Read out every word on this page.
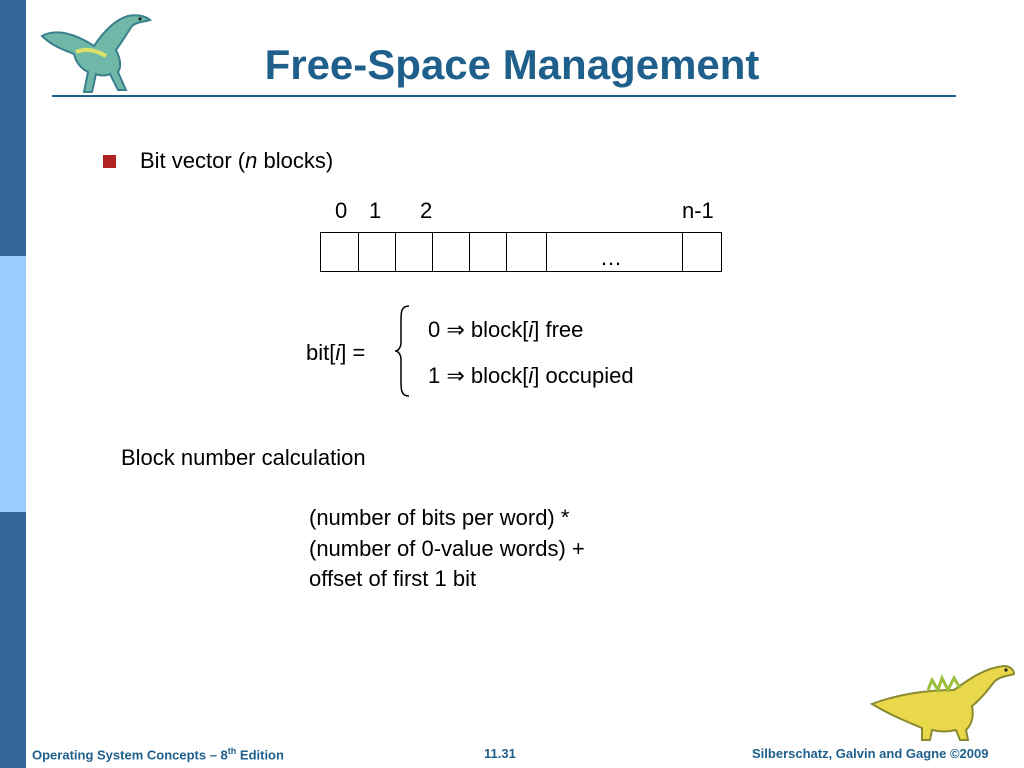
Free-Space Management
Bit vector (n blocks)
0 1 2	n-1
…
bit[i] =
0 ⇒ block[i] free
1 ⇒ block[i] occupied
Block number calculation
(number of bits per word) *
(number of 0-value words) +
offset of first 1 bit
Operating System Concepts – 8th Edition	11.31	Silberschatz, Galvin and Gagne ©2009
